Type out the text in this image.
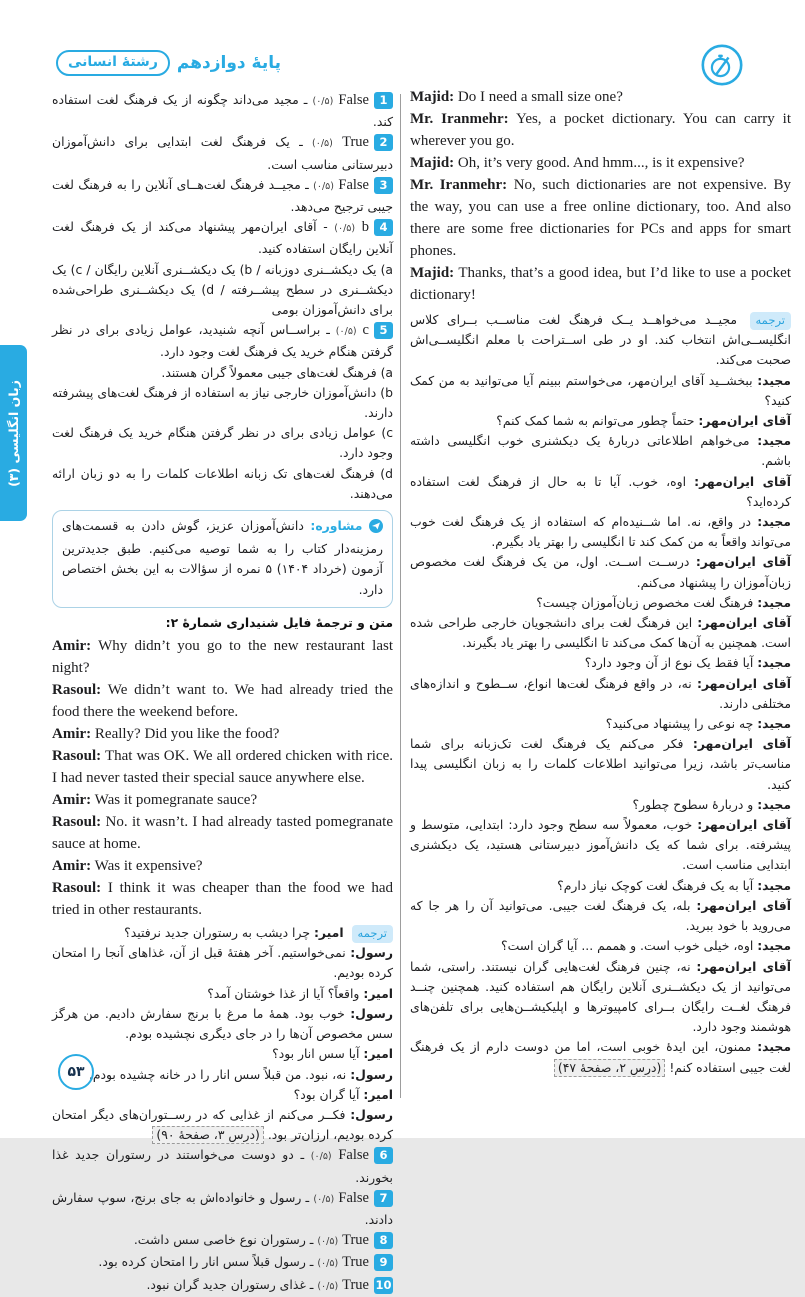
پایهٔ دوازدهم
رشتهٔ انسانی
زبان انگلیسی (۳)
1
False (۰/۵) ـ مجید می‌داند چگونه از یک فرهنگ لغت استفاده کند.
2
True (۰/۵) ـ یک فرهنگ لغت ابتدایی برای دانش‌آموزان دبیرستانی مناسب است.
3
False (۰/۵) ـ مجیــد فرهنگ لغت‌هــای آنلاین را به فرهنگ لغت جیبی ترجیح می‌دهد.
4
b (۰/۵) - آقای ایران‌مهر پیشنهاد می‌کند از یک فرهنگ لغت آنلاین رایگان استفاده کنید.

a) یک دیکشــنری دوزبانه / b) یک دیکشــنری آنلاین رایگان / c) یک دیکشــنری در سطح پیشــرفته / d) یک دیکشــنری طراحی‌شده برای دانش‌آموزان بومی

5
c (۰/۵) ـ براســاس آنچه شنیدید، عوامل زیادی برای در نظر گرفتن هنگام خرید یک فرهنگ لغت وجود دارد.

a) فرهنگ لغت‌های جیبی معمولاً گران هستند.

b) دانش‌آموزان خارجی نیاز به استفاده از فرهنگ لغت‌های پیشرفته دارند.

c) عوامل زیادی برای در نظر گرفتن هنگام خرید یک فرهنگ لغت وجود دارد.

d) فرهنگ لغت‌های تک زبانه اطلاعات کلمات را به دو زبان ارائه می‌دهند.

مشاوره: دانش‌آموزان عزیز، گوش دادن به قسمت‌های رمزینه‌دار کتاب را به شما توصیه می‌کنیم. طبق جدیدترین آزمون (خرداد ۱۴۰۴) ۵ نمره از سؤالات به این بخش اختصاص دارد.

متن و ترجمهٔ فایل شنیداری شمارهٔ ۲:

Amir: Why didn’t you go to the new restaurant last night?

Rasoul: We didn’t want to. We had already tried the food there the weekend before.

Amir: Really? Did you like the food?

Rasoul: That was OK. We all ordered chicken with rice. I had never tasted their special sauce anywhere else.

Amir: Was it pomegranate sauce?

Rasoul: No. it wasn’t. I had already tasted pomegranate sauce at home.

Amir: Was it expensive?

Rasoul: I think it was cheaper than the food we had tried in other restaurants.

ترجمه امیر: چرا دیشب به رستوران جدید نرفتید؟

رسول: نمی‌خواستیم. آخر هفتهٔ قبل از آن، غذاهای آنجا را امتحان کرده بودیم.

امیر: واقعاً؟ آیا از غذا خوشتان آمد؟

رسول: خوب بود. همهٔ ما مرغ با برنج سفارش دادیم. من هرگز سس مخصوص آن‌ها را در جای دیگری نچشیده بودم.

امیر: آیا سس انار بود؟

رسول: نه، نبود. من قبلاً سس انار را در خانه چشیده بودم.

امیر: آیا گران بود؟

رسول: فکــر می‌کنم از غذایی که در رســتوران‌های دیگر امتحان کرده بودیم، ارزان‌تر بود. (درس ۳، صفحهٔ ۹۰)

6
False (۰/۵) ـ دو دوست می‌خواستند در رستوران جدید غذا بخورند.
7
False (۰/۵) ـ رسول و خانواده‌اش به جای برنج، سوپ سفارش دادند.
8
True (۰/۵) ـ رستوران نوع خاصی سس داشت.
9
True (۰/۵) ـ رسول قبلاً سس انار را امتحان کرده بود.
10
True (۰/۵) ـ غذای رستوران جدید گران نبود.

Majid: Do I need a small size one?

Mr. Iranmehr: Yes, a pocket dictionary. You can carry it wherever you go.

Majid: Oh, it’s very good. And hmm..., is it expensive?

Mr. Iranmehr: No, such dictionaries are not expensive. By the way, you can use a free online dictionary, too. And also there are some free dictionaries for PCs and apps for smart phones.

Majid: Thanks, that’s a good idea, but I’d like to use a pocket dictionary!

ترجمه مجیــد می‌خواهــد یــک فرهنگ لغت مناســب بــرای کلاس انگلیســی‌اش انتخاب کند. او در طی اســتراحت با معلم انگلیســی‌اش صحبت می‌کند.

مجید: ببخشــید آقای ایران‌مهر، می‌خواستم ببینم آیا می‌توانید به من کمک کنید؟

آقای ایران‌مهر: حتماً چطور می‌توانم به شما کمک کنم؟

مجید: می‌خواهم اطلاعاتی دربارهٔ یک دیکشنری خوب انگلیسی داشته باشم.

آقای ایران‌مهر: اوه، خوب. آیا تا به حال از فرهنگ لغت استفاده کرده‌اید؟

مجید: در واقع، نه. اما شــنیده‌ام که استفاده از یک فرهنگ لغت خوب می‌تواند واقعاً به من کمک کند تا انگلیسی را بهتر یاد بگیرم.

آقای ایران‌مهر: درســت اســت. اول، من یک فرهنگ لغت مخصوص زبان‌آموزان را پیشنهاد می‌کنم.

مجید: فرهنگ لغت مخصوص زبان‌آموزان چیست؟

آقای ایران‌مهر: این فرهنگ لغت برای دانشجویان خارجی طراحی شده است. همچنین به آن‌ها کمک می‌کند تا انگلیسی را بهتر یاد بگیرند.

مجید: آیا فقط یک نوع از آن وجود دارد؟

آقای ایران‌مهر: نه، در واقع فرهنگ لغت‌ها انواع، ســطوح و اندازه‌های مختلفی دارند.

مجید: چه نوعی را پیشنهاد می‌کنید؟

آقای ایران‌مهر: فکر می‌کنم یک فرهنگ لغت تک‌زبانه برای شما مناسب‌تر باشد، زیرا می‌توانید اطلاعات کلمات را به زبان انگلیسی پیدا کنید.

مجید: و دربارهٔ سطوح چطور؟

آقای ایران‌مهر: خوب، معمولاً سه سطح وجود دارد: ابتدایی، متوسط و پیشرفته. برای شما که یک دانش‌آموز دبیرستانی هستید، یک دیکشنری ابتدایی مناسب است.

مجید: آیا به یک فرهنگ لغت کوچک نیاز دارم؟

آقای ایران‌مهر: بله، یک فرهنگ لغت جیبی. می‌توانید آن را هر جا که می‌روید با خود ببرید.

مجید: اوه، خیلی خوب است. و هممم ... آیا گران است؟

آقای ایران‌مهر: نه، چنین فرهنگ لغت‌هایی گران نیستند. راستی، شما می‌توانید از یک دیکشــنری آنلاین رایگان هم استفاده کنید. همچنین چنــد فرهنگ لغــت رایگان بــرای کامپیوترها و اپلیکیشــن‌هایی برای تلفن‌های هوشمند وجود دارد.

مجید: ممنون، این ایدهٔ خوبی است، اما من دوست دارم از یک فرهنگ لغت جیبی استفاده کنم! (درس ۲، صفحهٔ ۴۷)

۵۳
